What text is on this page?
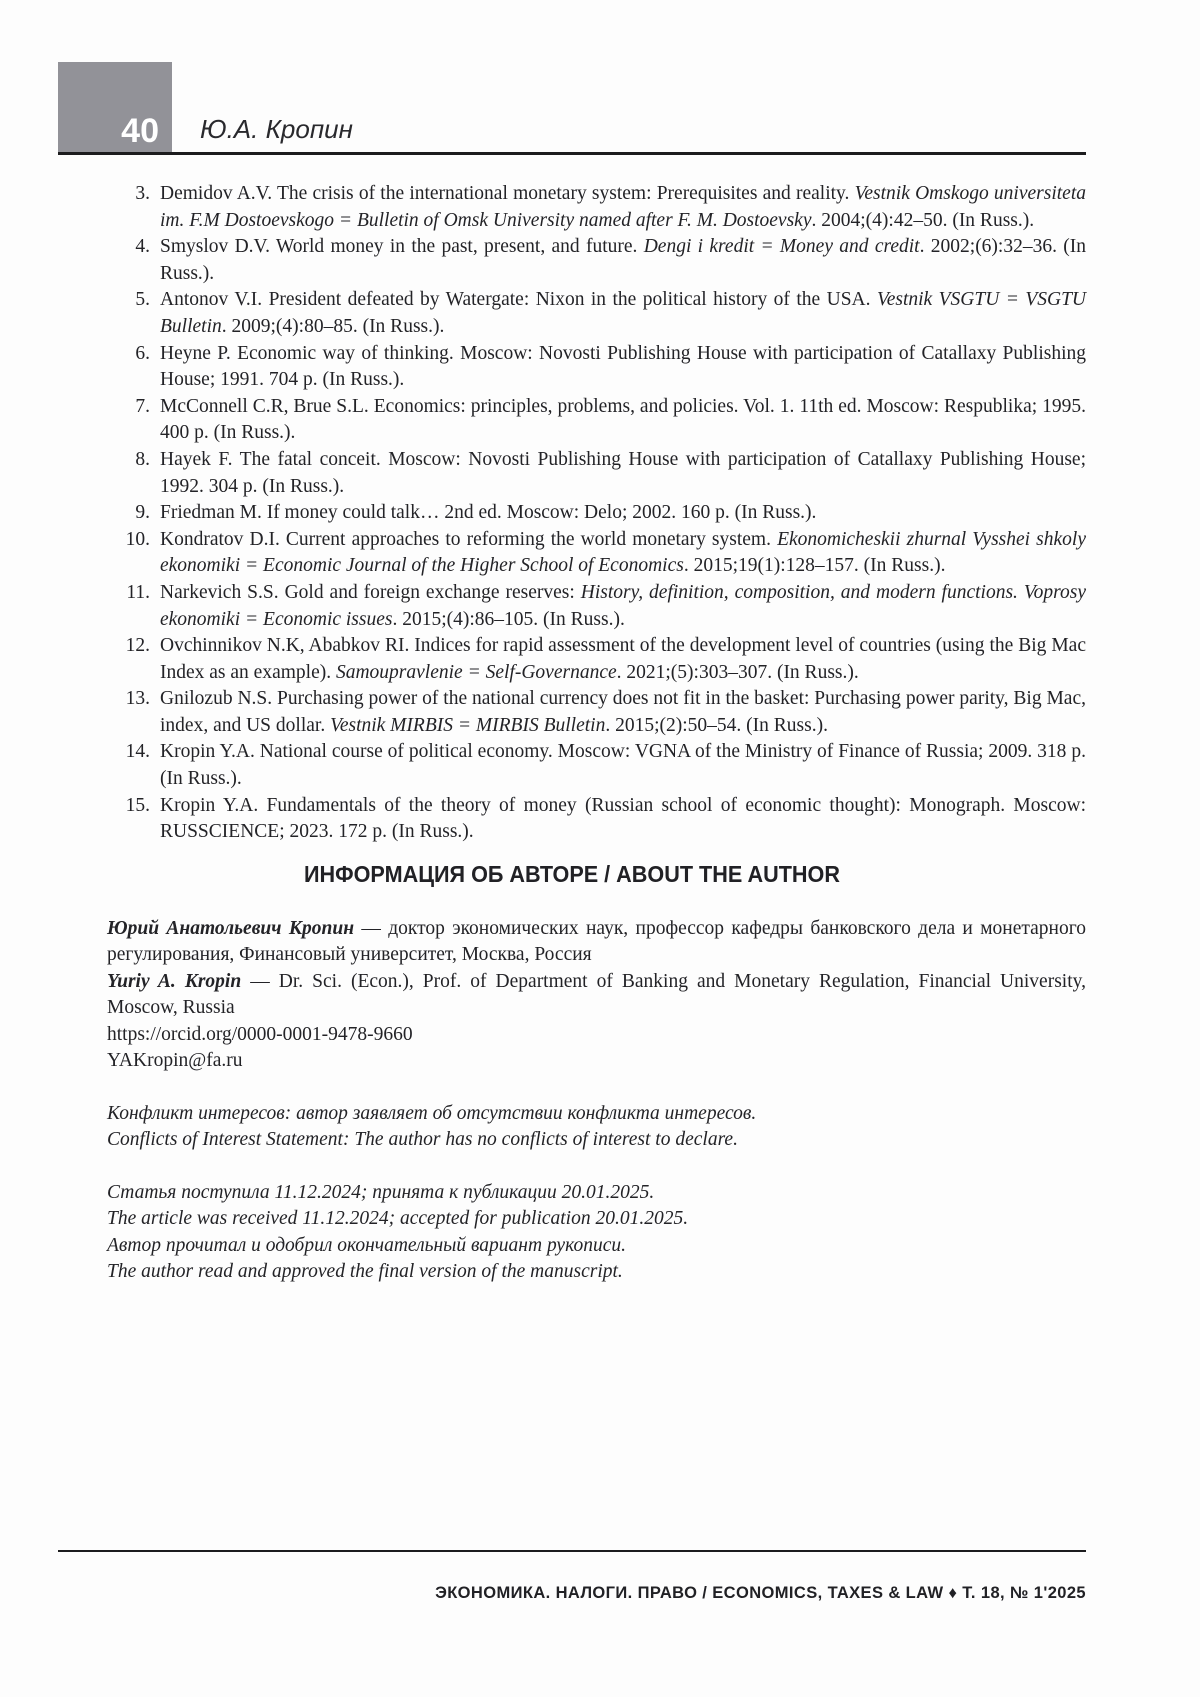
40 Ю.А. Кропин
3. Demidov A.V. The crisis of the international monetary system: Prerequisites and reality. Vestnik Omskogo universiteta im. F.M Dostoevskogo = Bulletin of Omsk University named after F. M. Dostoevsky. 2004;(4):42–50. (In Russ.).
4. Smyslov D.V. World money in the past, present, and future. Dengi i kredit = Money and credit. 2002;(6):32–36. (In Russ.).
5. Antonov V.I. President defeated by Watergate: Nixon in the political history of the USA. Vestnik VSGTU = VSGTU Bulletin. 2009;(4):80–85. (In Russ.).
6. Heyne P. Economic way of thinking. Moscow: Novosti Publishing House with participation of Catallaxy Publishing House; 1991. 704 p. (In Russ.).
7. McConnell C.R, Brue S.L. Economics: principles, problems, and policies. Vol. 1. 11th ed. Moscow: Respublika; 1995. 400 p. (In Russ.).
8. Hayek F. The fatal conceit. Moscow: Novosti Publishing House with participation of Catallaxy Publishing House; 1992. 304 p. (In Russ.).
9. Friedman M. If money could talk… 2nd ed. Moscow: Delo; 2002. 160 p. (In Russ.).
10. Kondratov D.I. Current approaches to reforming the world monetary system. Ekonomicheskii zhurnal Vysshei shkoly ekonomiki = Economic Journal of the Higher School of Economics. 2015;19(1):128–157. (In Russ.).
11. Narkevich S.S. Gold and foreign exchange reserves: History, definition, composition, and modern functions. Voprosy ekonomiki = Economic issues. 2015;(4):86–105. (In Russ.).
12. Ovchinnikov N.K, Ababkov RI. Indices for rapid assessment of the development level of countries (using the Big Mac Index as an example). Samoupravlenie = Self-Governance. 2021;(5):303–307. (In Russ.).
13. Gnilozub N.S. Purchasing power of the national currency does not fit in the basket: Purchasing power parity, Big Mac, index, and US dollar. Vestnik MIRBIS = MIRBIS Bulletin. 2015;(2):50–54. (In Russ.).
14. Kropin Y.A. National course of political economy. Moscow: VGNA of the Ministry of Finance of Russia; 2009. 318 p. (In Russ.).
15. Kropin Y.A. Fundamentals of the theory of money (Russian school of economic thought): Monograph. Moscow: RUSSCIENCE; 2023. 172 p. (In Russ.).
ИНФОРМАЦИЯ ОБ АВТОРЕ / ABOUT THE AUTHOR

Юрий Анатольевич Кропин — доктор экономических наук, профессор кафедры банковского дела и монетарного регулирования, Финансовый университет, Москва, Россия

Yuriy A. Kropin — Dr. Sci. (Econ.), Prof. of Department of Banking and Monetary Regulation, Financial University, Moscow, Russia

https://orcid.org/0000-0001-9478-9660

YAKropin@fa.ru

Конфликт интересов: автор заявляет об отсутствии конфликта интересов.

Conflicts of Interest Statement: The author has no conflicts of interest to declare.

Статья поступила 11.12.2024; принята к публикации 20.01.2025.

The article was received 11.12.2024; accepted for publication 20.01.2025.

Автор прочитал и одобрил окончательный вариант рукописи.

The author read and approved the final version of the manuscript.

ЭКОНОМИКА. НАЛОГИ. ПРАВО / ECONOMICS, TAXES & LAW ♦ Т. 18, № 1'2025
